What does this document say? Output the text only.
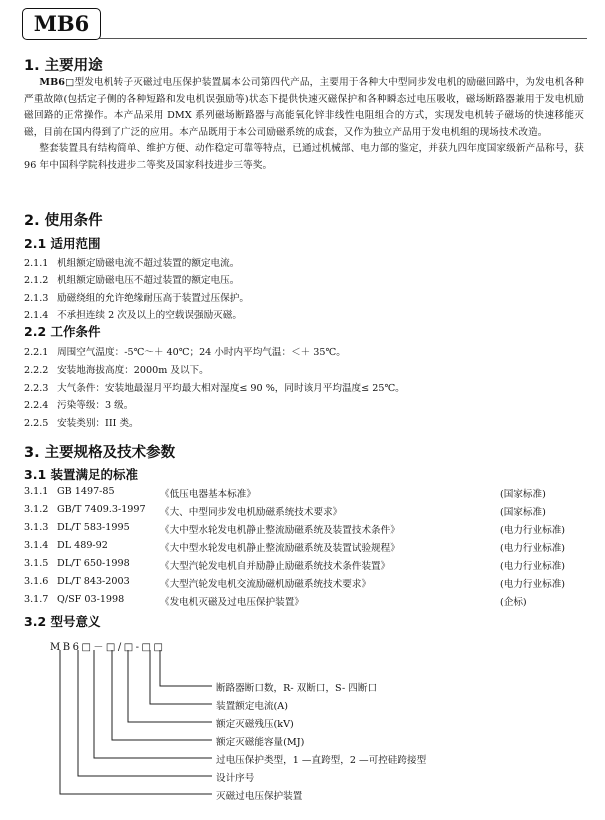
MB6
1. 主要用途

MB6□型发电机转子灭磁过电压保护装置属本公司第四代产品，主要用于各种大中型同步发电机的励磁回路中，为发电机各种严重故障(包括定子侧的各种短路和发电机误强励等)状态下提供快速灭磁保护和各种瞬态过电压吸收，磁场断路器兼用于发电机励磁回路的正常操作。本产品采用 DMX 系列磁场断路器与高能氧化锌非线性电阻组合的方式，实现发电机转子磁场的快速移能灭磁，目前在国内得到了广泛的应用。本产品既用于本公司励磁系统的成套，又作为独立产品用于发电机组的现场技术改造。

整套装置具有结构简单、维护方便、动作稳定可靠等特点，已通过机械部、电力部的鉴定，并获九四年度国家级新产品称号，获 96 年中国科学院科技进步二等奖及国家科技进步三等奖。

2. 使用条件
2.1 适用范围
2.1.1 机组额定励磁电流不超过装置的额定电流。
2.1.2 机组额定励磁电压不超过装置的额定电压。
2.1.3 励磁绕组的允许绝缘耐压高于装置过压保护。
2.1.4 不承担连续 2 次及以上的空载误强励灭磁。
2.2 工作条件
2.2.1 周围空气温度：-5℃～＋ 40℃；24 小时内平均气温：＜＋ 35℃。
2.2.2 安装地海拔高度：2000m 及以下。
2.2.3 大气条件：安装地最湿月平均最大相对湿度≤ 90 %，同时该月平均温度≤ 25℃。
2.2.4 污染等级：3 级。
2.2.5 安装类别：III 类。
3. 主要规格及技术参数
3.1 装置满足的标准
3.1.1 GB 1497-85	《低压电器基本标准》	(国家标准)
3.1.2 GB/T 7409.3-1997 《大、中型同步发电机励磁系统技术要求》	(国家标准)
3.1.3 DL/T 583-1995	《大中型水轮发电机静止整流励磁系统及装置技术条件》	(电力行业标准)
3.1.4 DL 489-92	《大中型水轮发电机静止整流励磁系统及装置试验规程》	(电力行业标准)
3.1.5 DL/T 650-1998	《大型汽轮发电机自并励静止励磁系统技术条件装置》	(电力行业标准)
3.1.6 DL/T 843-2003	《大型汽轮发电机交流励磁机励磁系统技术要求》	(电力行业标准)
3.1.7 Q/SF 03-1998	《发电机灭磁及过电压保护装置》	(企标)
3.2 型号意义
MB6□－□/□-□□
断路器断口数，R- 双断口，S- 四断口
装置额定电流(A)
额定灭磁残压(kV)
额定灭磁能容量(MJ)
过电压保护类型，1 —直跨型，2 —可控硅跨接型
设计序号
灭磁过电压保护装置
